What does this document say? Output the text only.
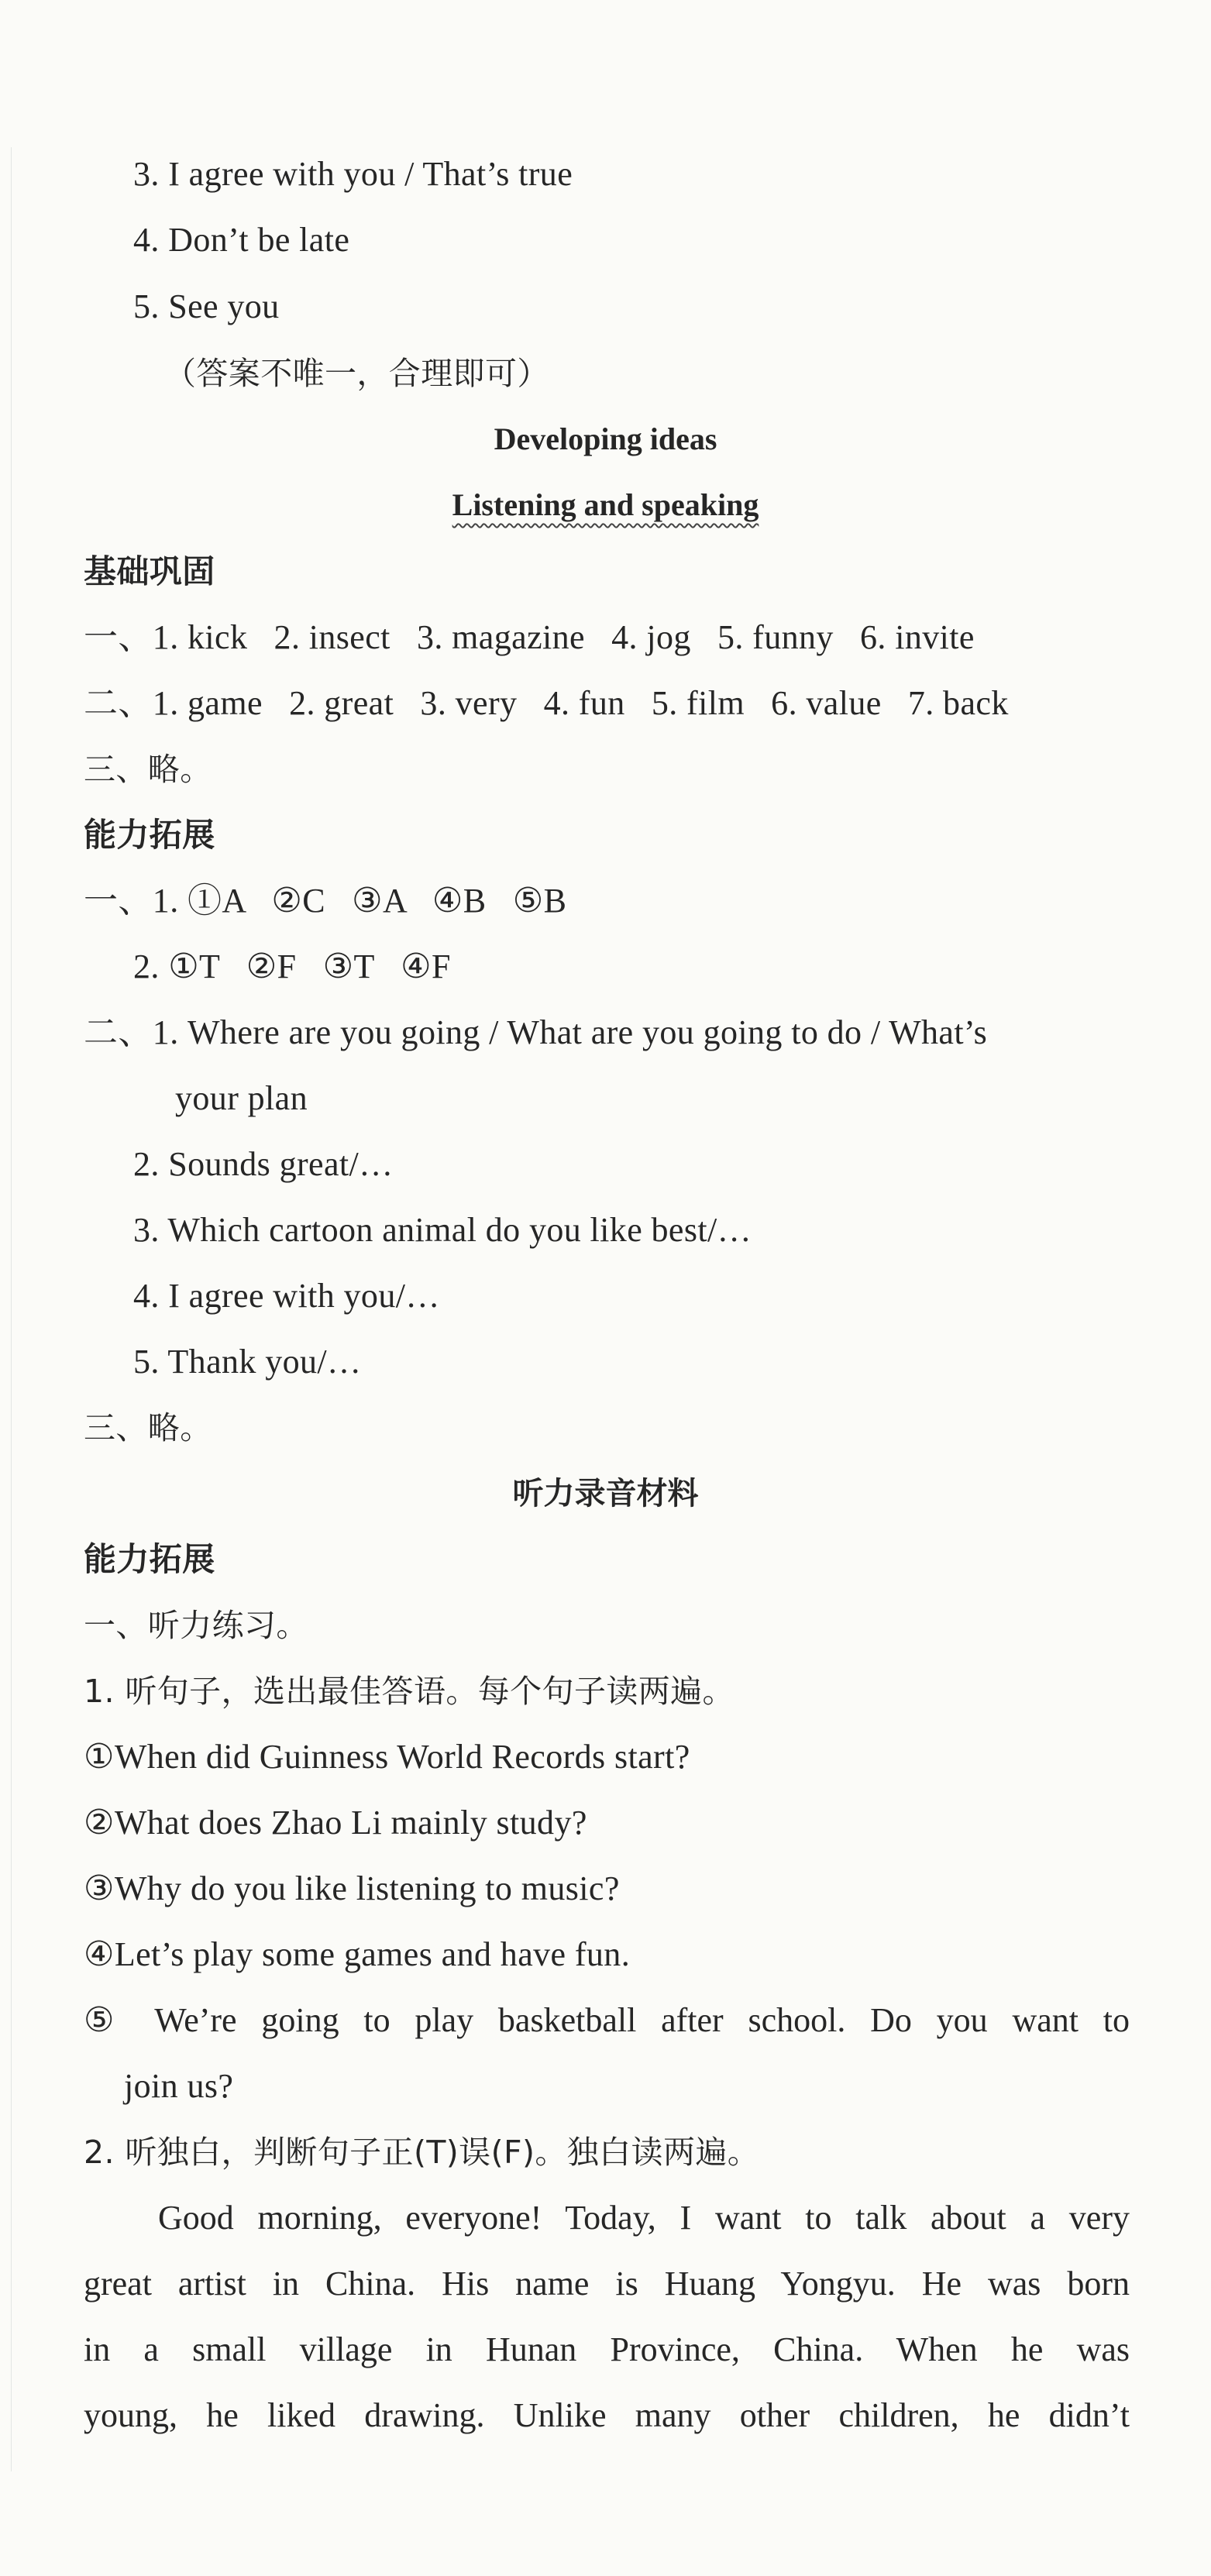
3. I agree with you / That’s true
4. Don’t be late
5. See you
（答案不唯一，合理即可）
Developing ideas
Listening and speaking
基础巩固
一、1. kick   2. insect   3. magazine   4. jog   5. funny   6. invite
二、1. game   2. great   3. very   4. fun   5. film   6. value   7. back
三、略。
能力拓展
一、1. ①A   ②C   ③A   ④B   ⑤B
2. ①T   ②F   ③T   ④F
二、1. Where are you going / What are you going to do / What’s
your plan
2. Sounds great/…
3. Which cartoon animal do you like best/…
4. I agree with you/…
5. Thank you/…
三、略。
听力录音材料
能力拓展
一、听力练习。
1. 听句子，选出最佳答语。每个句子读两遍。
①When did Guinness World Records start?
②What does Zhao Li mainly study?
③Why do you like listening to music?
④Let’s play some games and have fun.
⑤ We’re going to play basketball after school. Do you want to
join us?
2. 听独白，判断句子正(T)误(F)。独白读两遍。
Good morning, everyone! Today, I want to talk about a very
great artist in China. His name is Huang Yongyu. He was born
in a small village in Hunan Province, China. When he was
young, he liked drawing. Unlike many other children, he didn’t
